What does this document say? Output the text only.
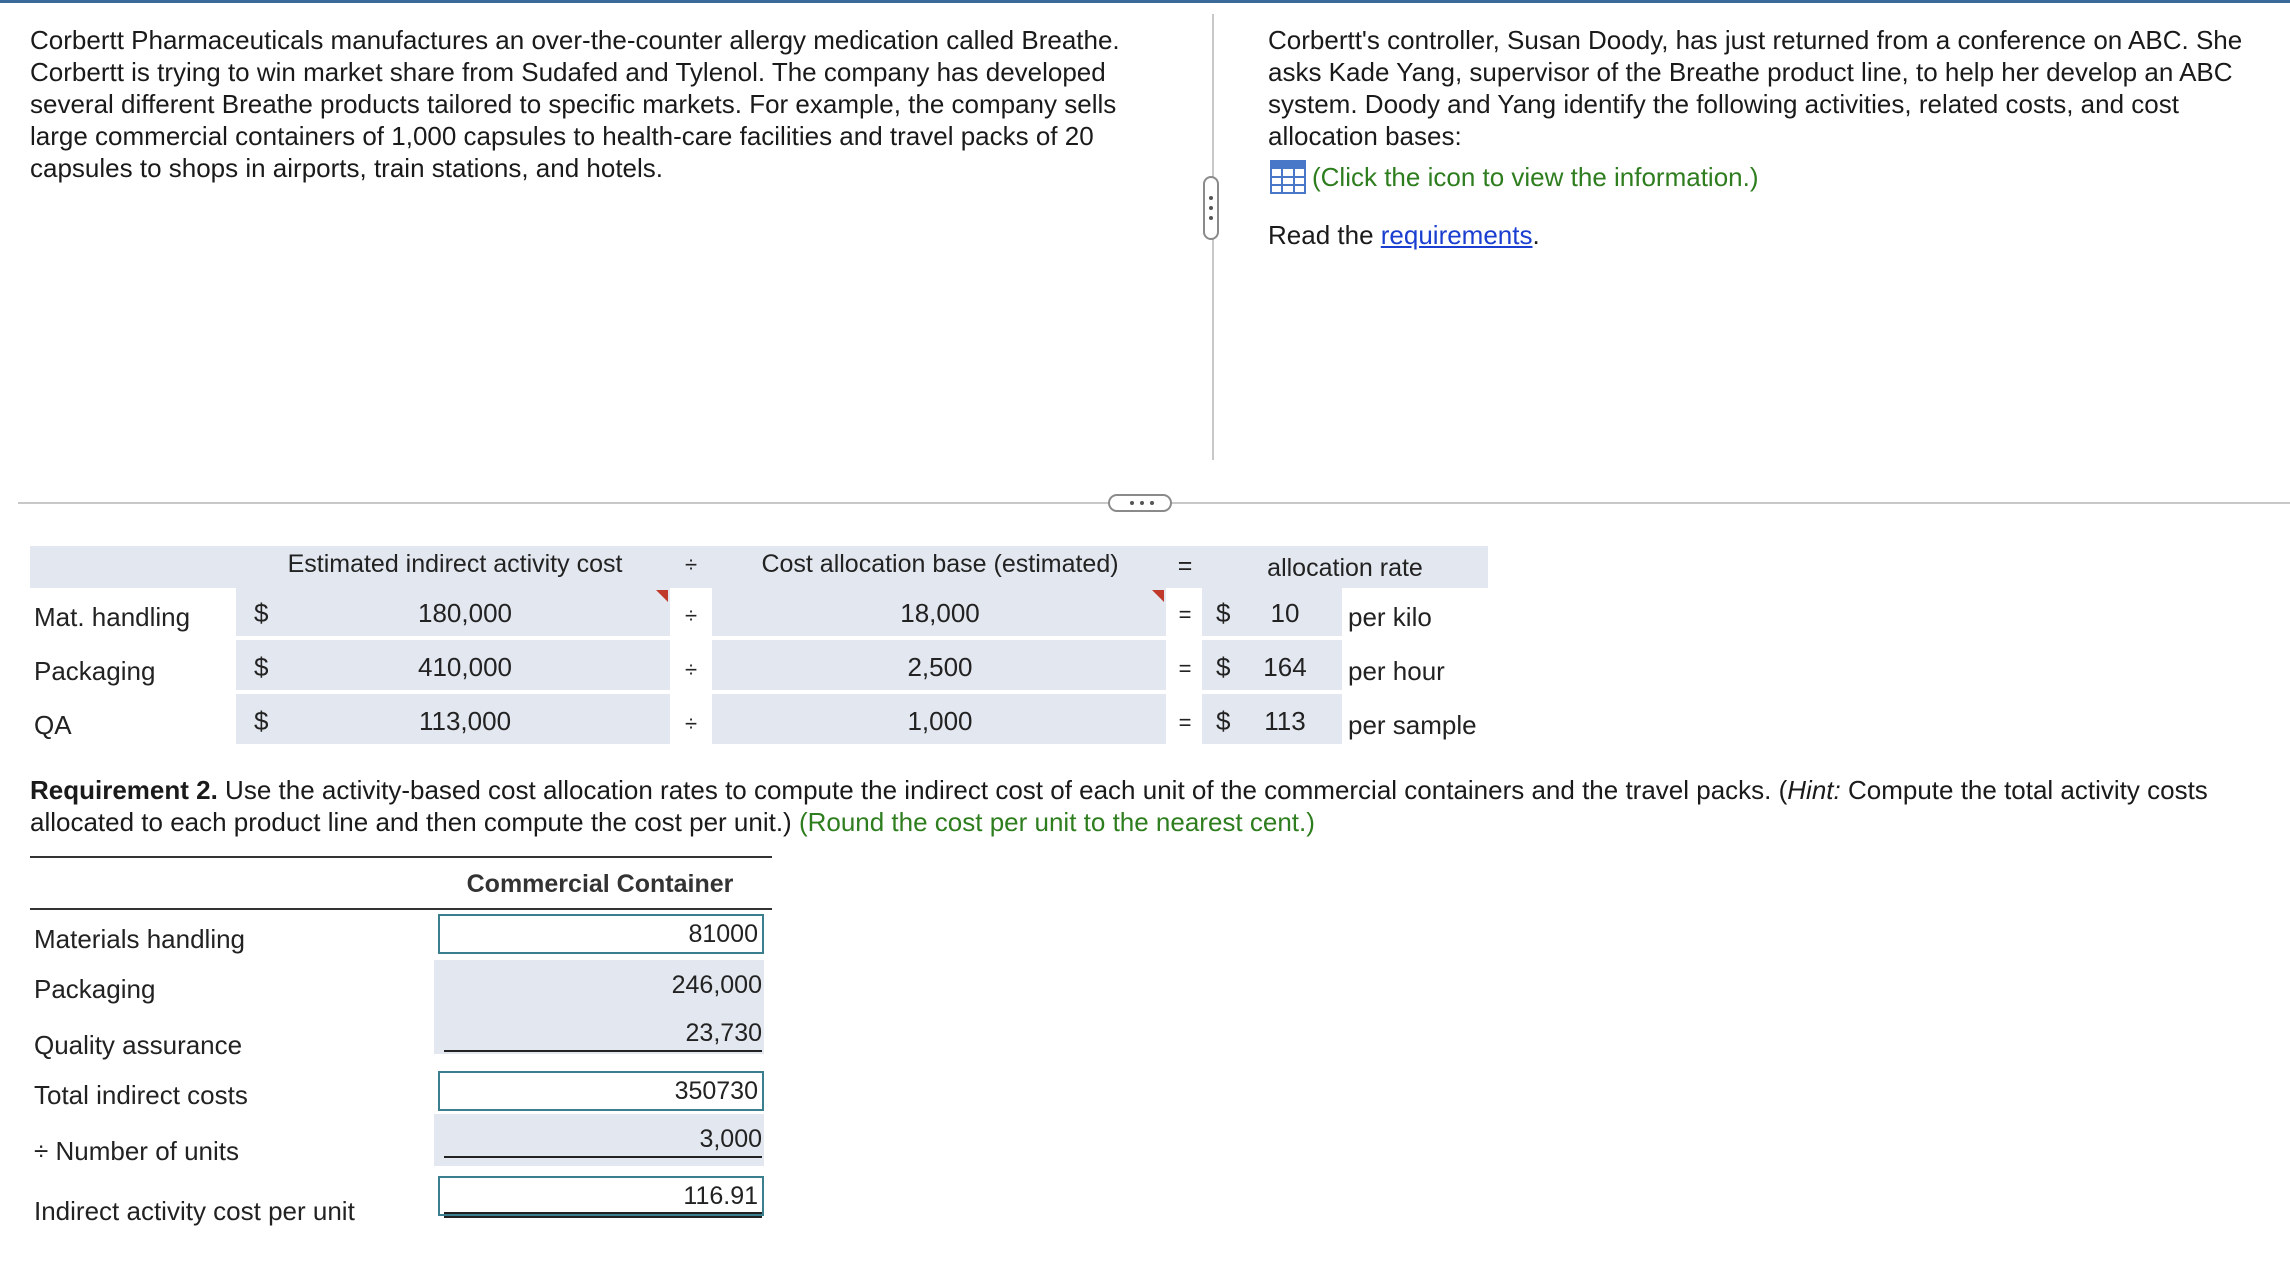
Corbertt Pharmaceuticals manufactures an over-the-counter allergy medication called Breathe. Corbertt is trying to win market share from Sudafed and Tylenol. The company has developed several different Breathe products tailored to specific markets. For example, the company sells large commercial containers of 1,000 capsules to health-care facilities and travel packs of 20 capsules to shops in airports, train stations, and hotels.
Corbertt's controller, Susan Doody, has just returned from a conference on ABC. She asks Kade Yang, supervisor of the Breathe product line, to help her develop an ABC system. Doody and Yang identify the following activities, related costs, and cost allocation bases:
(Click the icon to view the information.)
Read the requirements.
Estimated indirect activity cost	÷	Cost allocation base (estimated)	=	allocation rate
Mat. handling $	180,000	÷	18,000	= $	10	per kilo
Packaging	$	410,000	÷	2,500	= $	164	per hour
QA	$	113,000	÷	1,000	= $	113	per sample
Requirement 2. Use the activity-based cost allocation rates to compute the indirect cost of each unit of the commercial containers and the travel packs. (Hint: Compute the total activity costs allocated to each product line and then compute the cost per unit.) (Round the cost per unit to the nearest cent.)
Commercial Container
Materials handling	81000
Packaging	246,000
Quality assurance	23,730
Total indirect costs	350730
÷ Number of units	3,000
Indirect activity cost per unit	116.91
